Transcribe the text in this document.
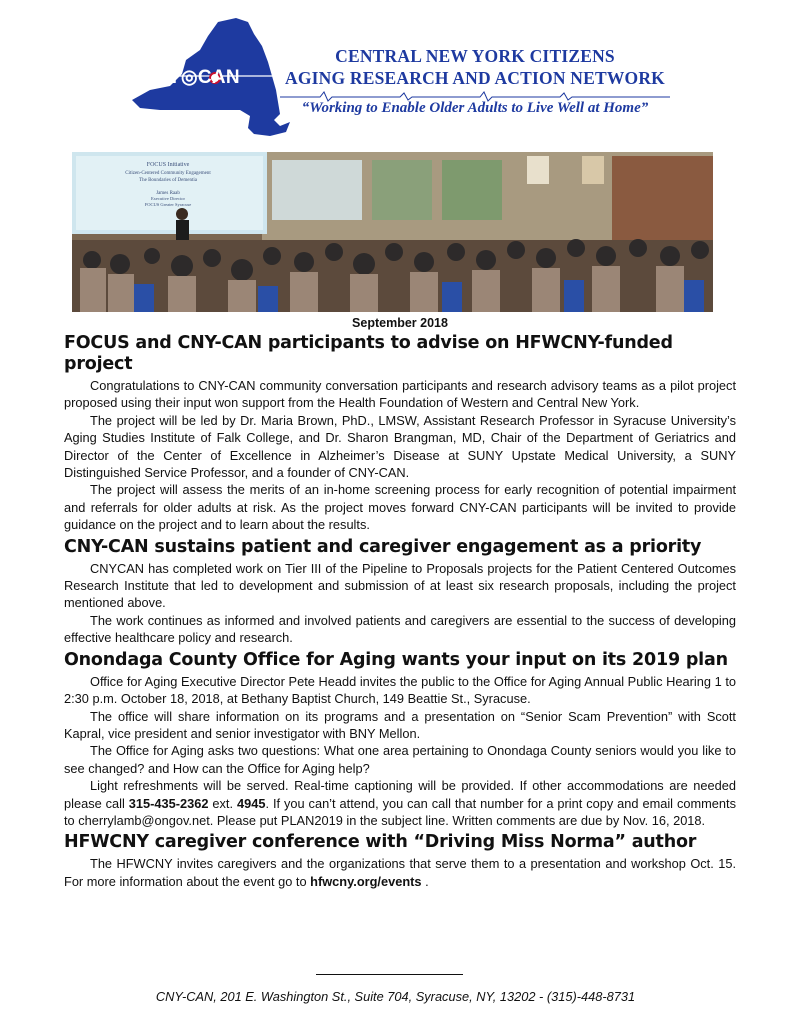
CNY◎CAN
CENTRAL NEW YORK CITIZENS
AGING RESEARCH AND ACTION NETWORK
“Working to Enable Older Adults to Live Well at Home”
FOCUS Initiative
Citizen-Centered Community Engagement
The Boundaries of Dementia
James Raab
Executive Director
FOCUS Greater Syracuse
September 2018
FOCUS and CNY-CAN participants to advise on HFWCNY-funded project

Congratulations to CNY-CAN community conversation participants and research advisory teams as a pilot project proposed using their input won support from the Health Foundation of Western and Central New York.

The project will be led by Dr. Maria Brown, PhD., LMSW, Assistant Research Professor in Syracuse University’s Aging Studies Institute of Falk College, and Dr. Sharon Brangman, MD, Chair of the Department of Geriatrics and Director of the Center of Excellence in Alzheimer’s Disease at SUNY Upstate Medical University, a SUNY Distinguished Service Professor, and a founder of CNY-CAN.

The project will assess the merits of an in-home screening process for early recognition of potential impairment and referrals for older adults at risk. As the project moves forward CNY-CAN participants will be invited to provide guidance on the project and to learn about the results.

CNY-CAN sustains patient and caregiver engagement as a priority

CNYCAN has completed work on Tier III of the Pipeline to Proposals projects for the Patient Centered Outcomes Research Institute that led to development and submission of at least six research proposals, including the project mentioned above.

The work continues as informed and involved patients and caregivers are essential to the success of developing effective healthcare policy and research.

Onondaga County Office for Aging wants your input on its 2019 plan

Office for Aging Executive Director Pete Headd invites the public to the Office for Aging Annual Public Hearing 1 to 2:30 p.m. October 18, 2018, at Bethany Baptist Church, 149 Beattie St., Syracuse.

The office will share information on its programs and a presentation on “Senior Scam Prevention” with Scott Kapral, vice president and senior investigator with BNY Mellon.

The Office for Aging asks two questions: What one area pertaining to Onondaga County seniors would you like to see changed? and How can the Office for Aging help?

Light refreshments will be served. Real-time captioning will be provided. If other accommodations are needed please call 315-435-2362 ext. 4945. If you can’t attend, you can call that number for a print copy and email comments to cherrylamb@ongov.net. Please put PLAN2019 in the subject line. Written comments are due by Nov. 16, 2018.

HFWCNY caregiver conference with “Driving Miss Norma” author

The HFWCNY invites caregivers and the organizations that serve them to a presentation and workshop Oct. 15. For more information about the event go to hfwcny.org/events .

CNY-CAN, 201 E. Washington St., Suite 704, Syracuse, NY, 13202 - (315)-448-8731
